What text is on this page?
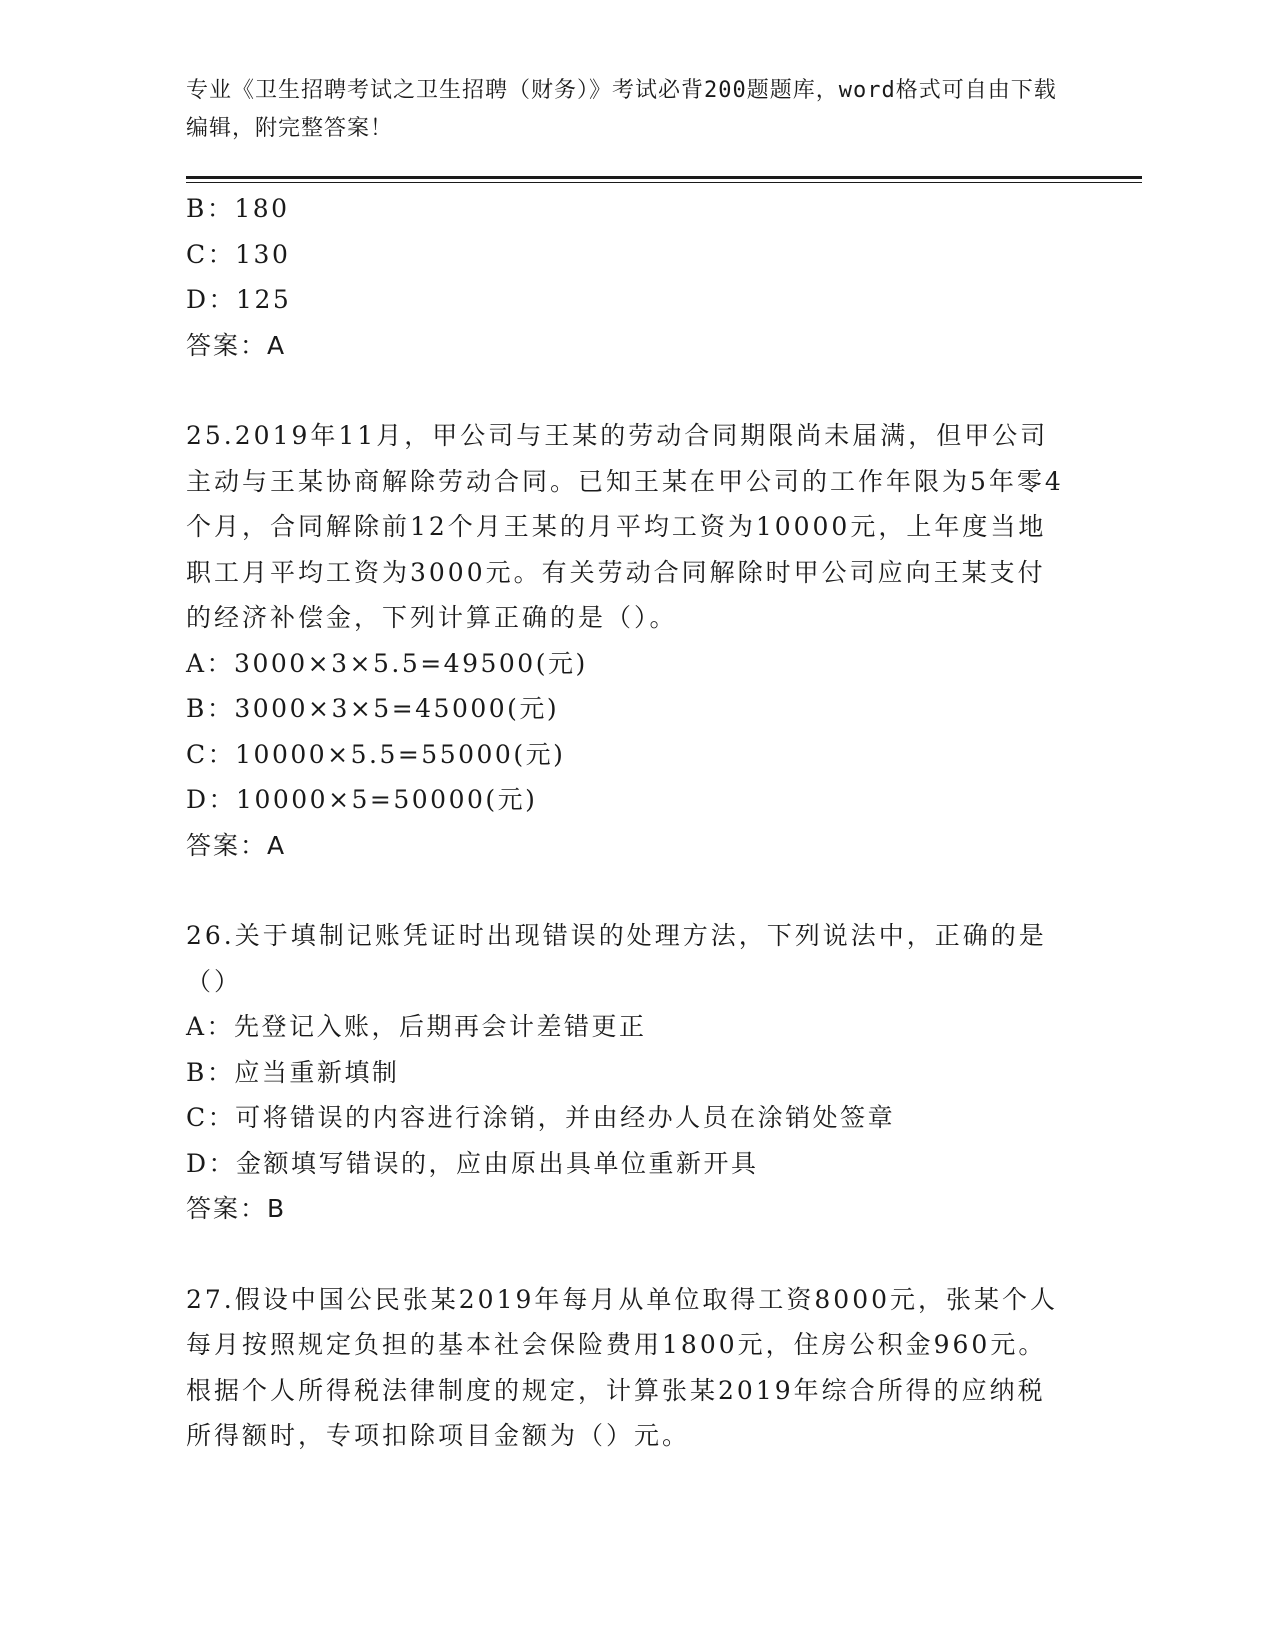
专业《卫生招聘考试之卫生招聘（财务）》考试必背200题题库，word格式可自由下载编辑，附完整答案！
B：180
C：130
D：125
答案：A
25.2019年11月，甲公司与王某的劳动合同期限尚未届满，但甲公司主动与王某协商解除劳动合同。已知王某在甲公司的工作年限为5年零4个月，合同解除前12个月王某的月平均工资为10000元，上年度当地职工月平均工资为3000元。有关劳动合同解除时甲公司应向王某支付的经济补偿金，下列计算正确的是（）。
A：3000×3×5.5=49500(元)
B：3000×3×5=45000(元)
C：10000×5.5=55000(元)
D：10000×5=50000(元)
答案：A
26.关于填制记账凭证时出现错误的处理方法，下列说法中，正确的是（）
A：先登记入账，后期再会计差错更正
B：应当重新填制
C：可将错误的内容进行涂销，并由经办人员在涂销处签章
D：金额填写错误的，应由原出具单位重新开具
答案：B
27.假设中国公民张某2019年每月从单位取得工资8000元，张某个人每月按照规定负担的基本社会保险费用1800元，住房公积金960元。根据个人所得税法律制度的规定，计算张某2019年综合所得的应纳税所得额时，专项扣除项目金额为（）元。
